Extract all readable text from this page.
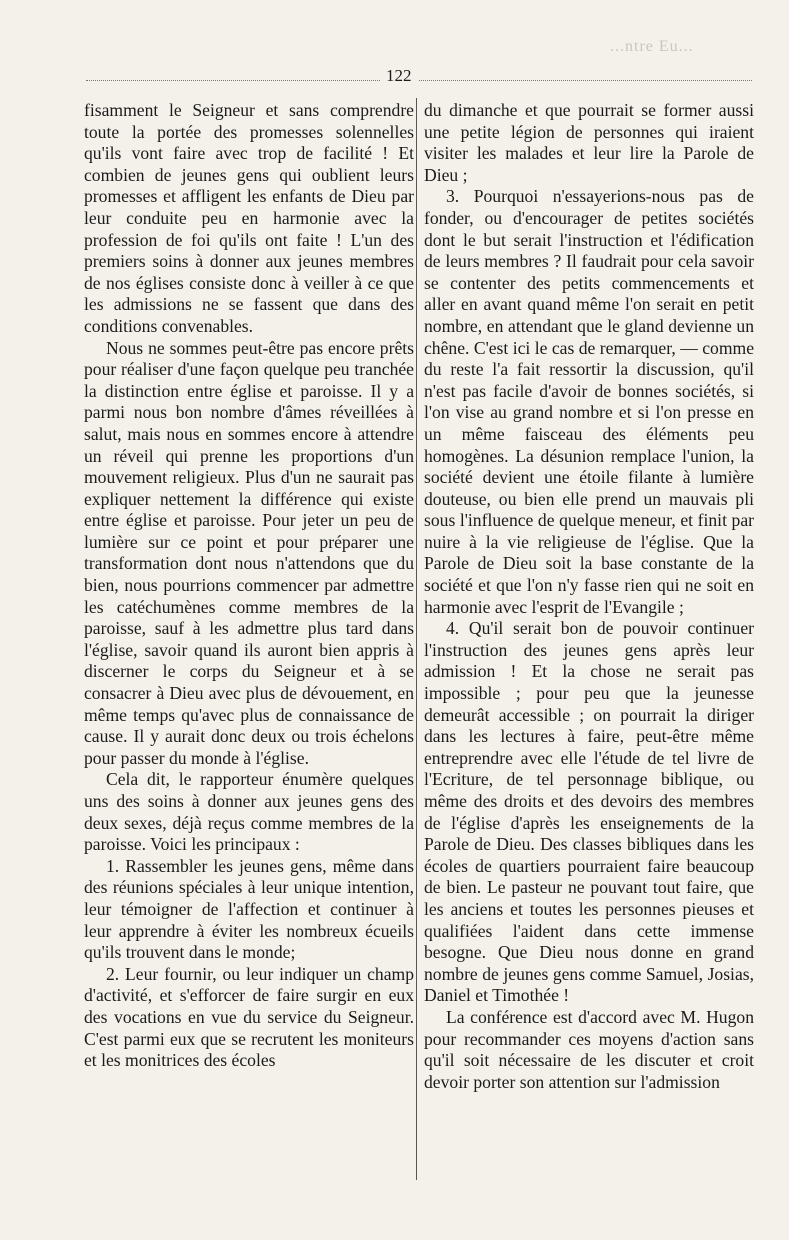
...ntre Eu...
122

fisamment le Seigneur et sans comprendre toute la portée des promesses solennelles qu'ils vont faire avec trop de facilité ! Et combien de jeunes gens qui oublient leurs promesses et affligent les enfants de Dieu par leur conduite peu en harmonie avec la profession de foi qu'ils ont faite ! L'un des premiers soins à donner aux jeunes membres de nos églises consiste donc à veiller à ce que les admissions ne se fassent que dans des conditions convenables.

Nous ne sommes peut-être pas encore prêts pour réaliser d'une façon quelque peu tranchée la distinction entre église et paroisse. Il y a parmi nous bon nombre d'âmes réveillées à salut, mais nous en sommes encore à attendre un réveil qui prenne les proportions d'un mouvement religieux. Plus d'un ne saurait pas expliquer nettement la différence qui existe entre église et paroisse. Pour jeter un peu de lumière sur ce point et pour préparer une transformation dont nous n'attendons que du bien, nous pourrions commencer par admettre les catéchumènes comme membres de la paroisse, sauf à les admettre plus tard dans l'église, savoir quand ils auront bien appris à discerner le corps du Seigneur et à se consacrer à Dieu avec plus de dévouement, en même temps qu'avec plus de connaissance de cause. Il y aurait donc deux ou trois échelons pour passer du monde à l'église.

Cela dit, le rapporteur énumère quelques uns des soins à donner aux jeunes gens des deux sexes, déjà reçus comme membres de la paroisse. Voici les principaux :

1. Rassembler les jeunes gens, même dans des réunions spéciales à leur unique intention, leur témoigner de l'affection et continuer à leur apprendre à éviter les nombreux écueils qu'ils trouvent dans le monde;

2. Leur fournir, ou leur indiquer un champ d'activité, et s'efforcer de faire surgir en eux des vocations en vue du service du Seigneur. C'est parmi eux que se recrutent les moniteurs et les monitrices des écoles

du dimanche et que pourrait se former aussi une petite légion de personnes qui iraient visiter les malades et leur lire la Parole de Dieu ;

3. Pourquoi n'essayerions-nous pas de fonder, ou d'encourager de petites sociétés dont le but serait l'instruction et l'édification de leurs membres ? Il faudrait pour cela savoir se contenter des petits commencements et aller en avant quand même l'on serait en petit nombre, en attendant que le gland devienne un chêne. C'est ici le cas de remarquer, — comme du reste l'a fait ressortir la discussion, qu'il n'est pas facile d'avoir de bonnes sociétés, si l'on vise au grand nombre et si l'on presse en un même faisceau des éléments peu homogènes. La désunion remplace l'union, la société devient une étoile filante à lumière douteuse, ou bien elle prend un mauvais pli sous l'influence de quelque meneur, et finit par nuire à la vie religieuse de l'église. Que la Parole de Dieu soit la base constante de la société et que l'on n'y fasse rien qui ne soit en harmonie avec l'esprit de l'Evangile ;

4. Qu'il serait bon de pouvoir continuer l'instruction des jeunes gens après leur admission ! Et la chose ne serait pas impossible ; pour peu que la jeunesse demeurât accessible ; on pourrait la diriger dans les lectures à faire, peut-être même entreprendre avec elle l'étude de tel livre de l'Ecriture, de tel personnage biblique, ou même des droits et des devoirs des membres de l'église d'après les enseignements de la Parole de Dieu. Des classes bibliques dans les écoles de quartiers pourraient faire beaucoup de bien. Le pasteur ne pouvant tout faire, que les anciens et toutes les personnes pieuses et qualifiées l'aident dans cette immense besogne. Que Dieu nous donne en grand nombre de jeunes gens comme Samuel, Josias, Daniel et Timothée !

La conférence est d'accord avec M. Hugon pour recommander ces moyens d'action sans qu'il soit nécessaire de les discuter et croit devoir porter son attention sur l'admission
